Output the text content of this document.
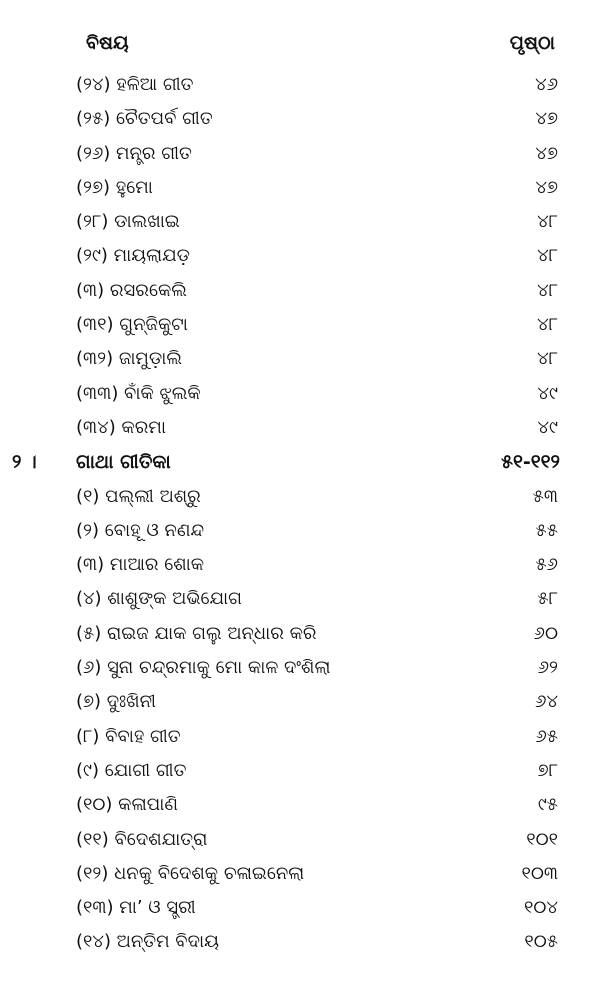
ବିଷୟ	ପୃଷ୍ଠା
(୨୪) ହଳିଆ ଗୀତ	୪୬
(୨୫) ଚୈତପର୍ବ ଗୀତ	୪୭
(୨୬) ମନ୍ତ୍ର ଗୀତ	୪୭
(୨୭) ହୁମୋ	୪୭
(୨୮) ଡାଲଖାଇ	୪୮
(୨୯) ମାୟଲାଯଡ଼	୪୮
(୩) ରସରକେଲି	୪୮
(୩୧) ଗୁନ୍‌ଜିକୁଟା	୪୮
(୩୨) ଜାମୁଡ଼ାଲି	୪୮
(୩୩) ବାଁକି ଝୁଲକି	୪୯
(୩୪) କରମା	୪୯
୨ । ଗାଥା ଗୀତିକା	୫୧-୧୧୨
(୧) ପଲ୍ଲୀ ଅଶ୍ରୁ	୫୩
(୨) ବୋହୂ ଓ ନଣନ୍ଦ	୫୫
(୩) ମାଆର ଶୋକ	୫୬
(୪) ଶାଶୁଙ୍କ ଅଭିଯୋଗ	୫୮
(୫) ରାଇଜ ଯାକ ଗଲୁ ଅନ୍ଧାର କରି	୬୦
(୬) ସୁନା ଚନ୍ଦ୍ରମାକୁ ମୋ କାଳ ଦଂଶିଲା	୬୨
(୭) ଦୁଃଖିନୀ	୬୪
(୮) ବିବାହ ଗୀତ	୬୫
(୯) ଯୋଗୀ ଗୀତ	୭୮
(୧୦) କଳାପାଣି	୯୫
(୧୧) ବିଦେଶଯାତ୍ରା	୧୦୧
(୧୨) ଧନକୁ ବିଦେଶକୁ ଚଳାଇନେଲା	୧୦୩
(୧୩) ମା’ ଓ ସ୍ତ୍ରୀ	୧୦୪
(୧୪) ଅନ୍ତିମ ବିଦାୟ	୧୦୫
